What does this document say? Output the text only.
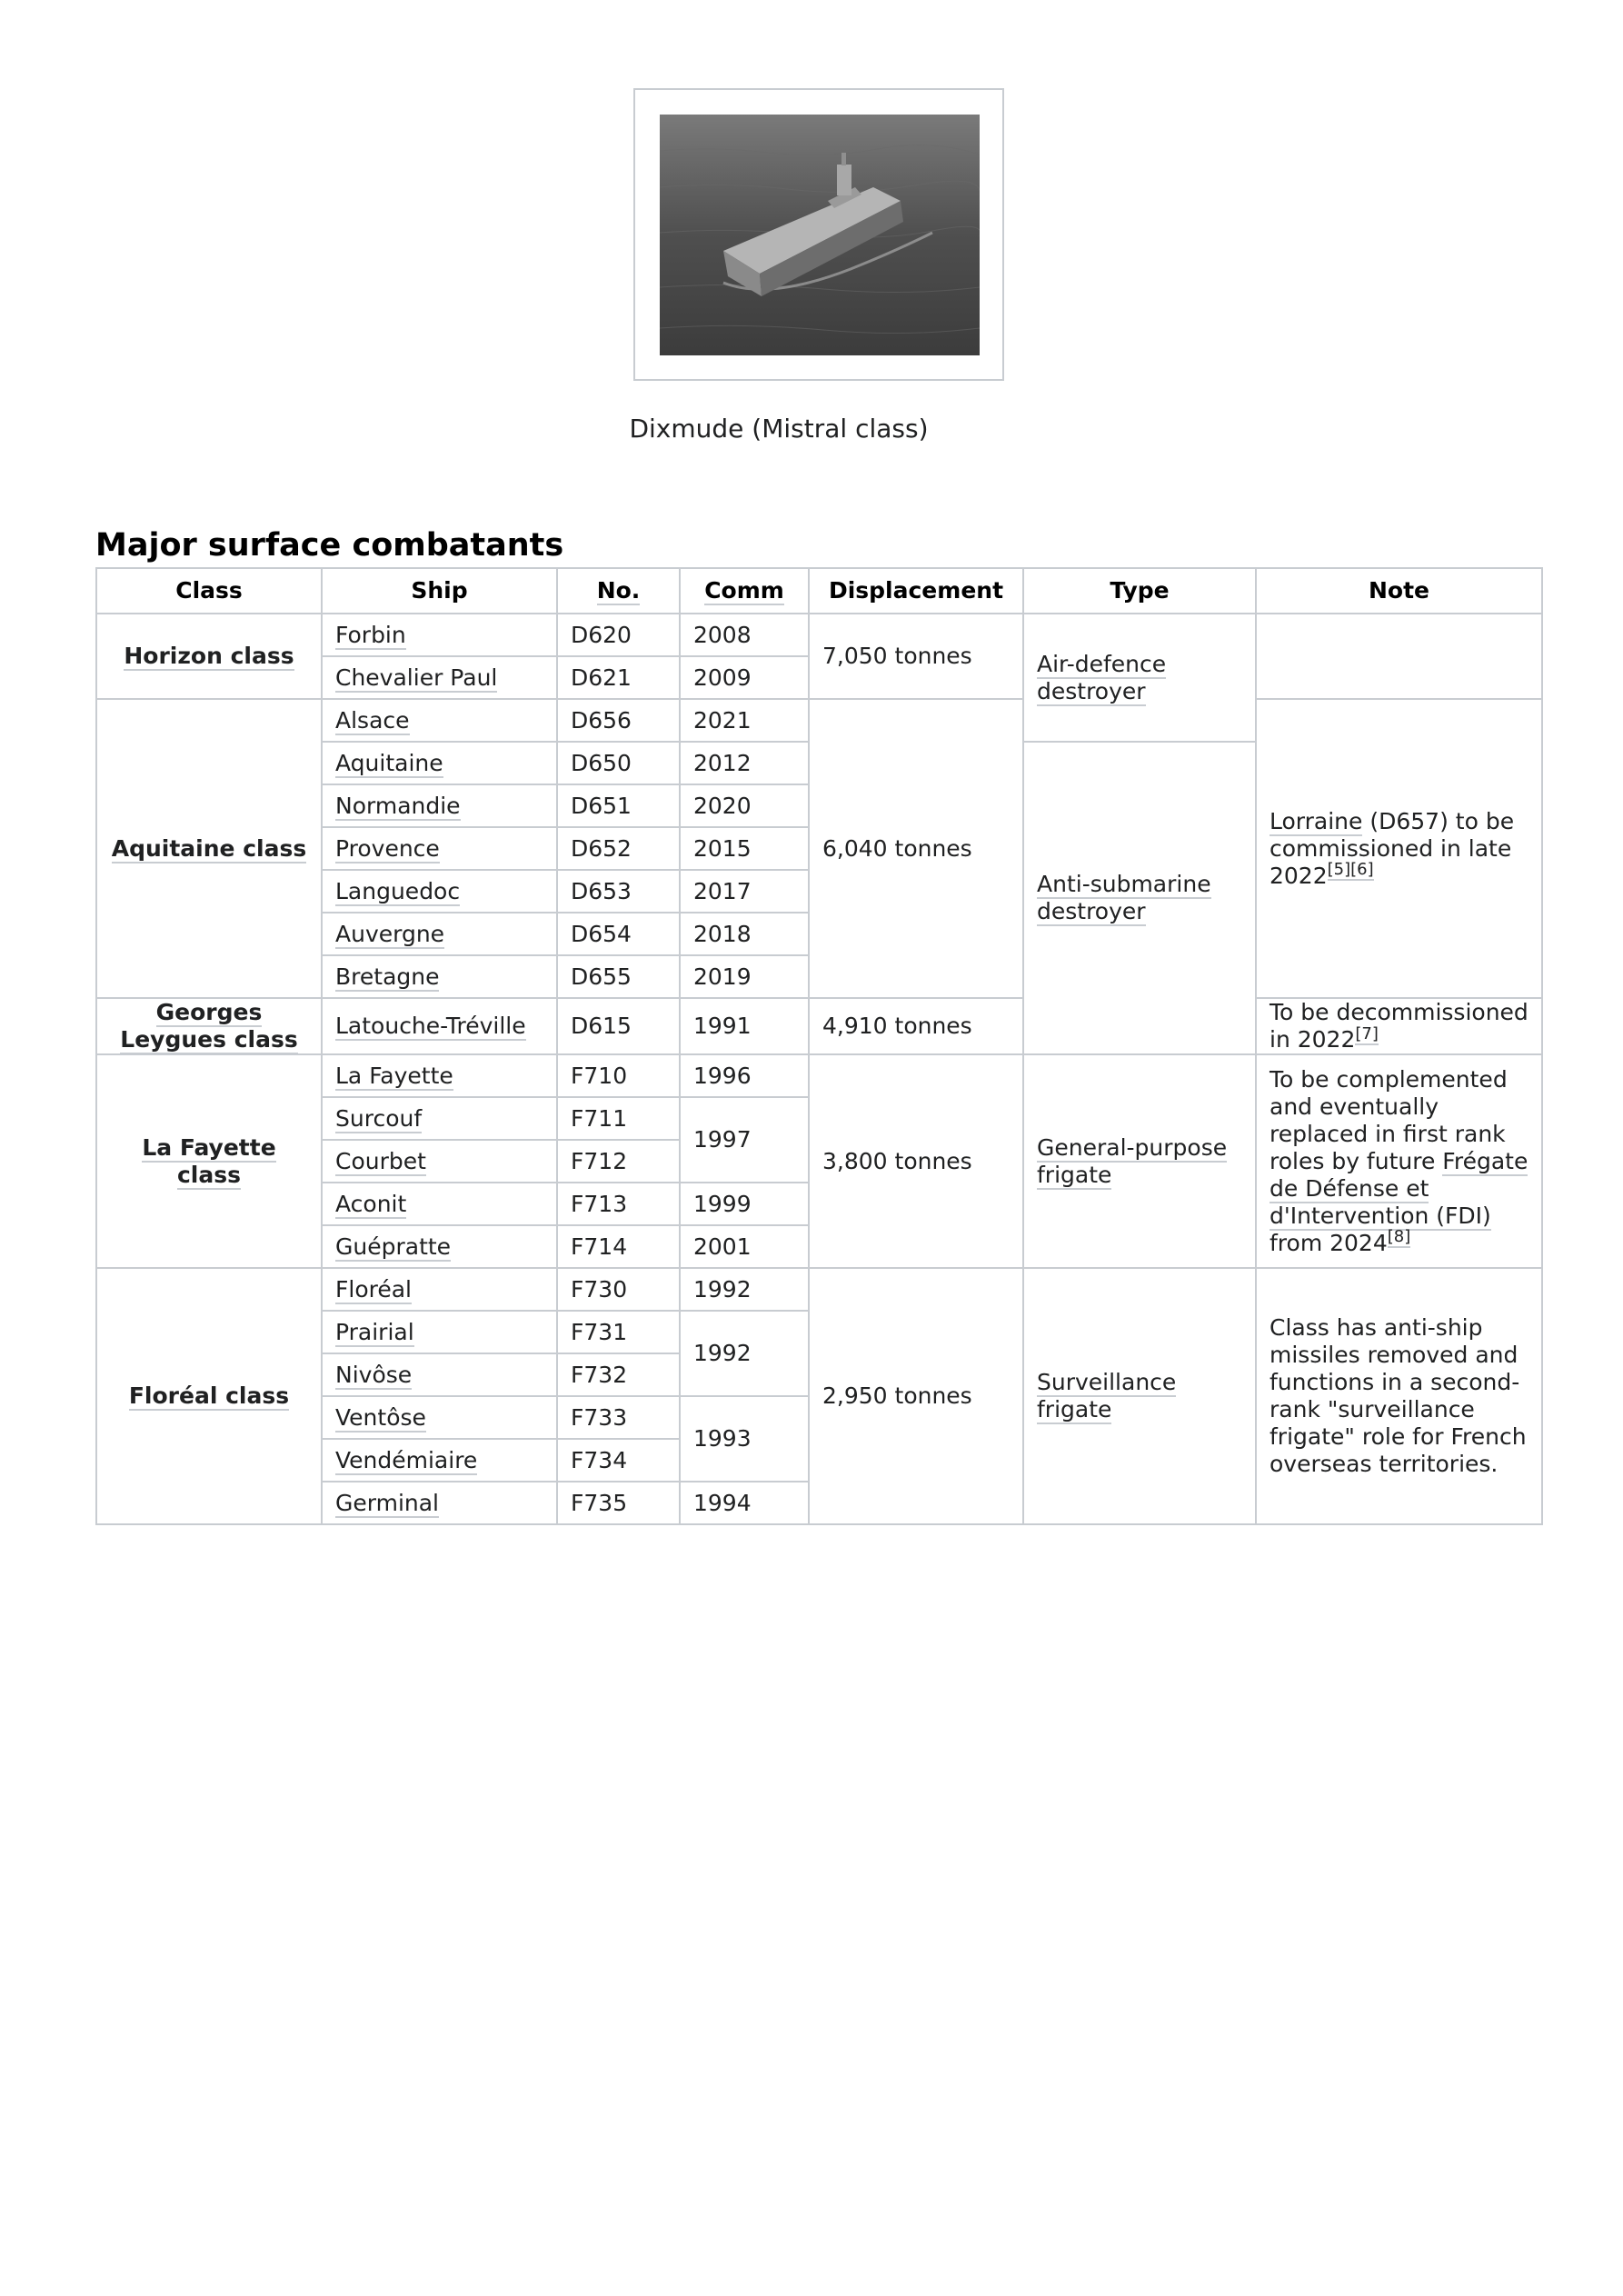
Dixmude (Mistral class)
Major surface combatants
Class	Ship	No.	Comm	Displacement	Type	Note
Horizon class	Forbin	D620	2008	7,050 tonnes	Air-defence destroyer	
	Chevalier Paul	D621	2009			
Aquitaine class	Alsace	D656	2021	6,040 tonnes		Lorraine (D657) to be commissioned in late 2022[5][6]
	Aquitaine	D650	2012		Anti-submarine destroyer	
	Normandie	D651	2020			
	Provence	D652	2015			
	Languedoc	D653	2017			
	Auvergne	D654	2018			
	Bretagne	D655	2019			
Georges Leygues class	Latouche-Tréville	D615	1991	4,910 tonnes		To be decommissioned in 2022[7]
La Fayette class	La Fayette	F710	1996	3,800 tonnes	General-purpose frigate	To be complemented and eventually replaced in first rank roles by future Frégate de Défense et d'Intervention (FDI) from 2024[8]
	Surcouf	F711	1997			
	Courbet	F712				
	Aconit	F713	1999			
	Guépratte	F714	2001			
Floréal class	Floréal	F730	1992	2,950 tonnes	Surveillance frigate	Class has anti-ship missiles removed and functions in a second-rank "surveillance frigate" role for French overseas territories.
	Prairial	F731	1992			
	Nivôse	F732				
	Ventôse	F733	1993			
	Vendémiaire	F734				
	Germinal	F735	1994			
